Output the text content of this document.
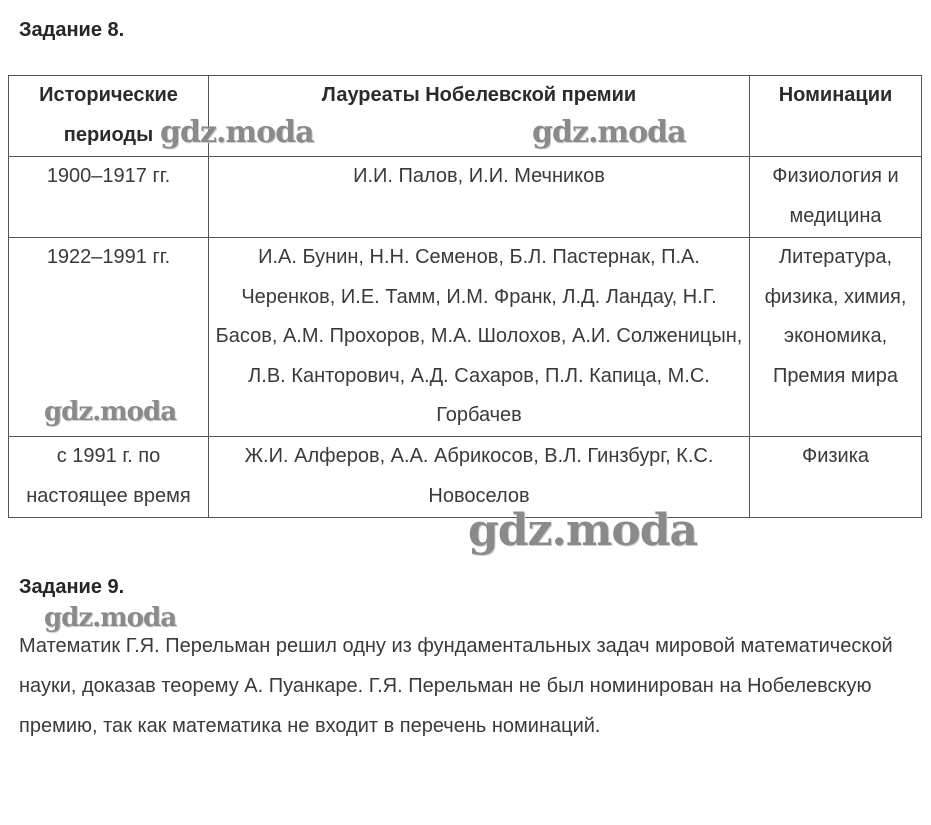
Задание 8.
Исторические периоды	Лауреаты Нобелевской премии	Номинации
1900–1917 гг.	И.И. Палов, И.И. Мечников	Физиология и медицина
1922–1991 гг.	И.А. Бунин, Н.Н. Семенов, Б.Л. Пастернак, П.А. Черенков, И.Е. Тамм, И.М. Франк, Л.Д. Ландау, Н.Г. Басов, А.М. Прохоров, М.А. Шолохов, А.И. Солженицын, Л.В. Канторович, А.Д. Сахаров, П.Л. Капица, М.С. Горбачев	Литература, физика, химия, экономика, Премия мира
с 1991 г. по настоящее время	Ж.И. Алферов, А.А. Абрикосов, В.Л. Гинзбург, К.С. Новоселов	Физика
Задание 9.

Математик Г.Я. Перельман решил одну из фундаментальных задач мировой математической науки, доказав теорему А. Пуанкаре. Г.Я. Перельман не был номинирован на Нобелевскую премию, так как математика не входит в перечень номинаций.

gdz.moda	gdz.moda
gdz.moda
gdz.moda
gdz.moda
